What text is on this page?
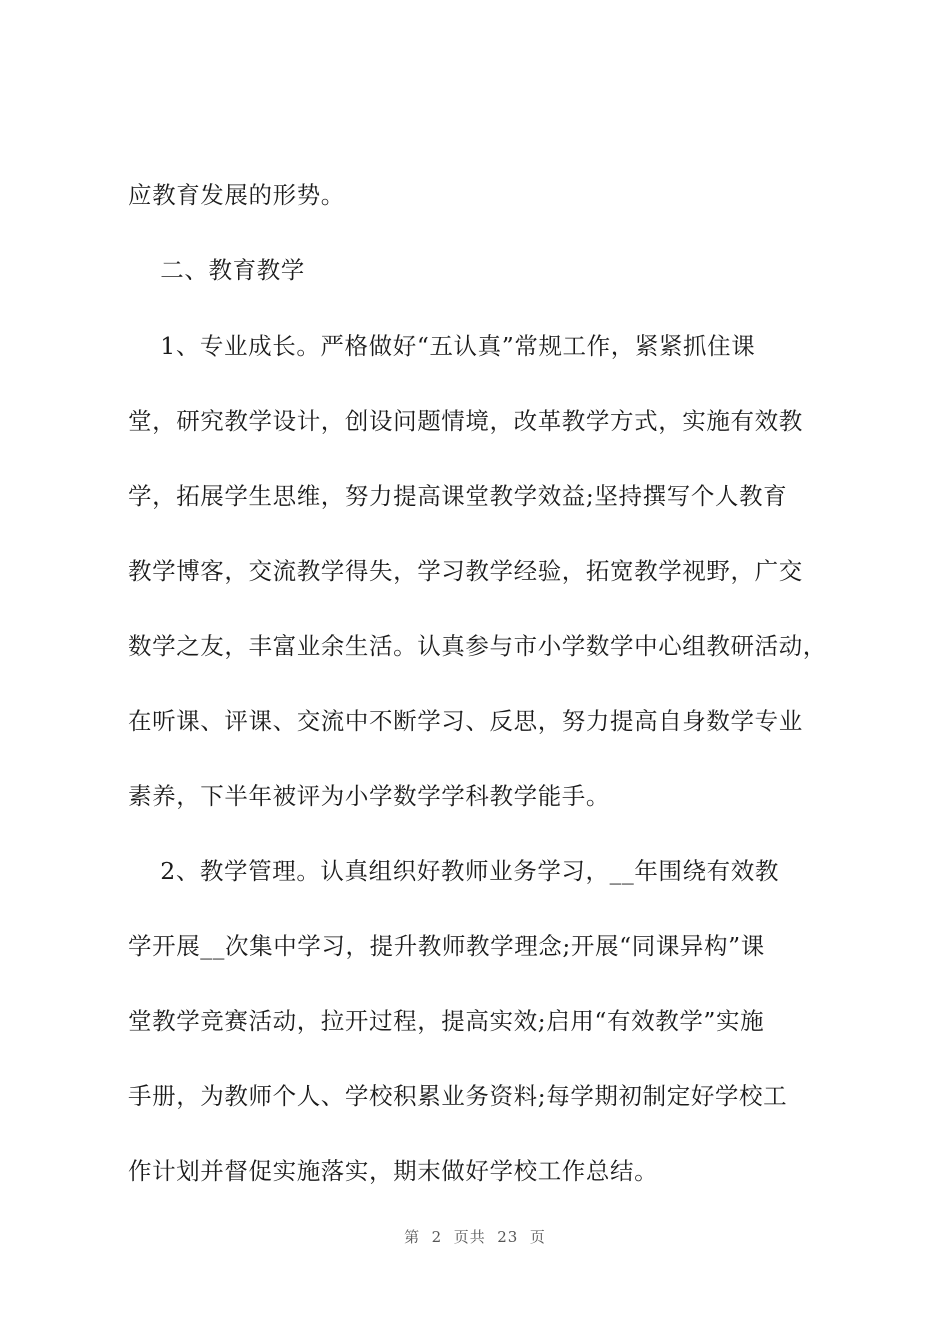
应教育发展的形势。
二、教育教学
1、专业成长。严格做好“五认真”常规工作，紧紧抓住课
堂，研究教学设计，创设问题情境，改革教学方式，实施有效教
学，拓展学生思维，努力提高课堂教学效益;坚持撰写个人教育
教学博客，交流教学得失，学习教学经验，拓宽教学视野，广交
数学之友，丰富业余生活。认真参与市小学数学中心组教研活动，
在听课、评课、交流中不断学习、反思，努力提高自身数学专业
素养，下半年被评为小学数学学科教学能手。
2、教学管理。认真组织好教师业务学习，__年围绕有效教
学开展__次集中学习，提升教师教学理念;开展“同课异构”课
堂教学竞赛活动，拉开过程，提高实效;启用“有效教学”实施
手册，为教师个人、学校积累业务资料;每学期初制定好学校工
作计划并督促实施落实，期末做好学校工作总结。
第  2  页共  23  页
